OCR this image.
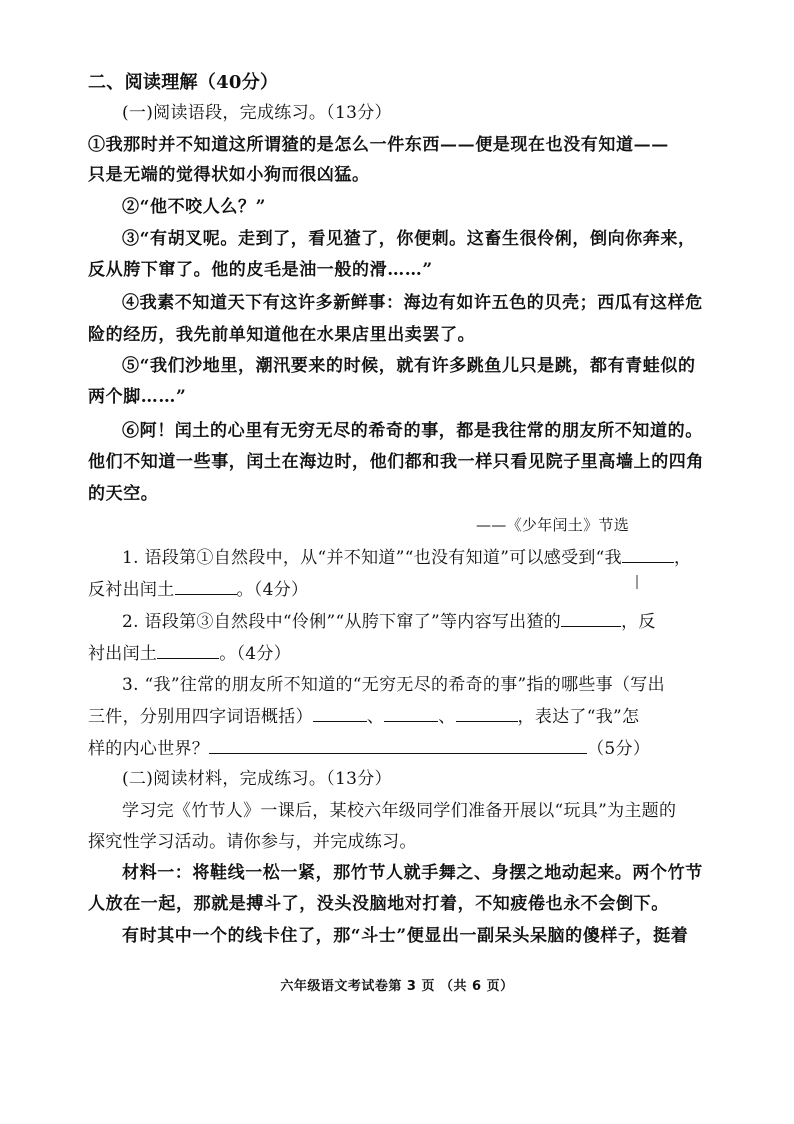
二、阅读理解（40分）
(一)阅读语段，完成练习。（13分）
①我那时并不知道这所谓猹的是怎么一件东西——便是现在也没有知道——
只是无端的觉得状如小狗而很凶猛。
②“他不咬人么？”
③“有胡叉呢。走到了，看见猹了，你便刺。这畜生很伶俐，倒向你奔来，
反从胯下窜了。他的皮毛是油一般的滑……”
④我素不知道天下有这许多新鲜事：海边有如许五色的贝壳；西瓜有这样危
险的经历，我先前单知道他在水果店里出卖罢了。
⑤“我们沙地里，潮汛要来的时候，就有许多跳鱼儿只是跳，都有青蛙似的
两个脚……”
⑥阿！闰土的心里有无穷无尽的希奇的事，都是我往常的朋友所不知道的。
他们不知道一些事，闰土在海边时，他们都和我一样只看见院子里高墙上的四角
的天空。
——《少年闰土》节选
1. 语段第①自然段中，从“并不知道”“也没有知道”可以感受到“我	，
反衬出闰土	。（4分）
2. 语段第③自然段中“伶俐”“从胯下窜了”等内容写出猹的	，反
衬出闰土	。（4分）
3. “我”往常的朋友所不知道的“无穷无尽的希奇的事”指的哪些事（写出
三件，分别用四字词语概括）	、	、	，表达了“我”怎
样的内心世界？	（5分）
(二)阅读材料，完成练习。（13分）
学习完《竹节人》一课后，某校六年级同学们准备开展以“玩具”为主题的
探究性学习活动。请你参与，并完成练习。
材料一：将鞋线一松一紧，那竹节人就手舞之、身摆之地动起来。两个竹节
人放在一起，那就是搏斗了，没头没脑地对打着，不知疲倦也永不会倒下。
有时其中一个的线卡住了，那“斗士”便显出一副呆头呆脑的傻样子，挺着
六年级语文考试卷第 3 页 （共 6 页）
